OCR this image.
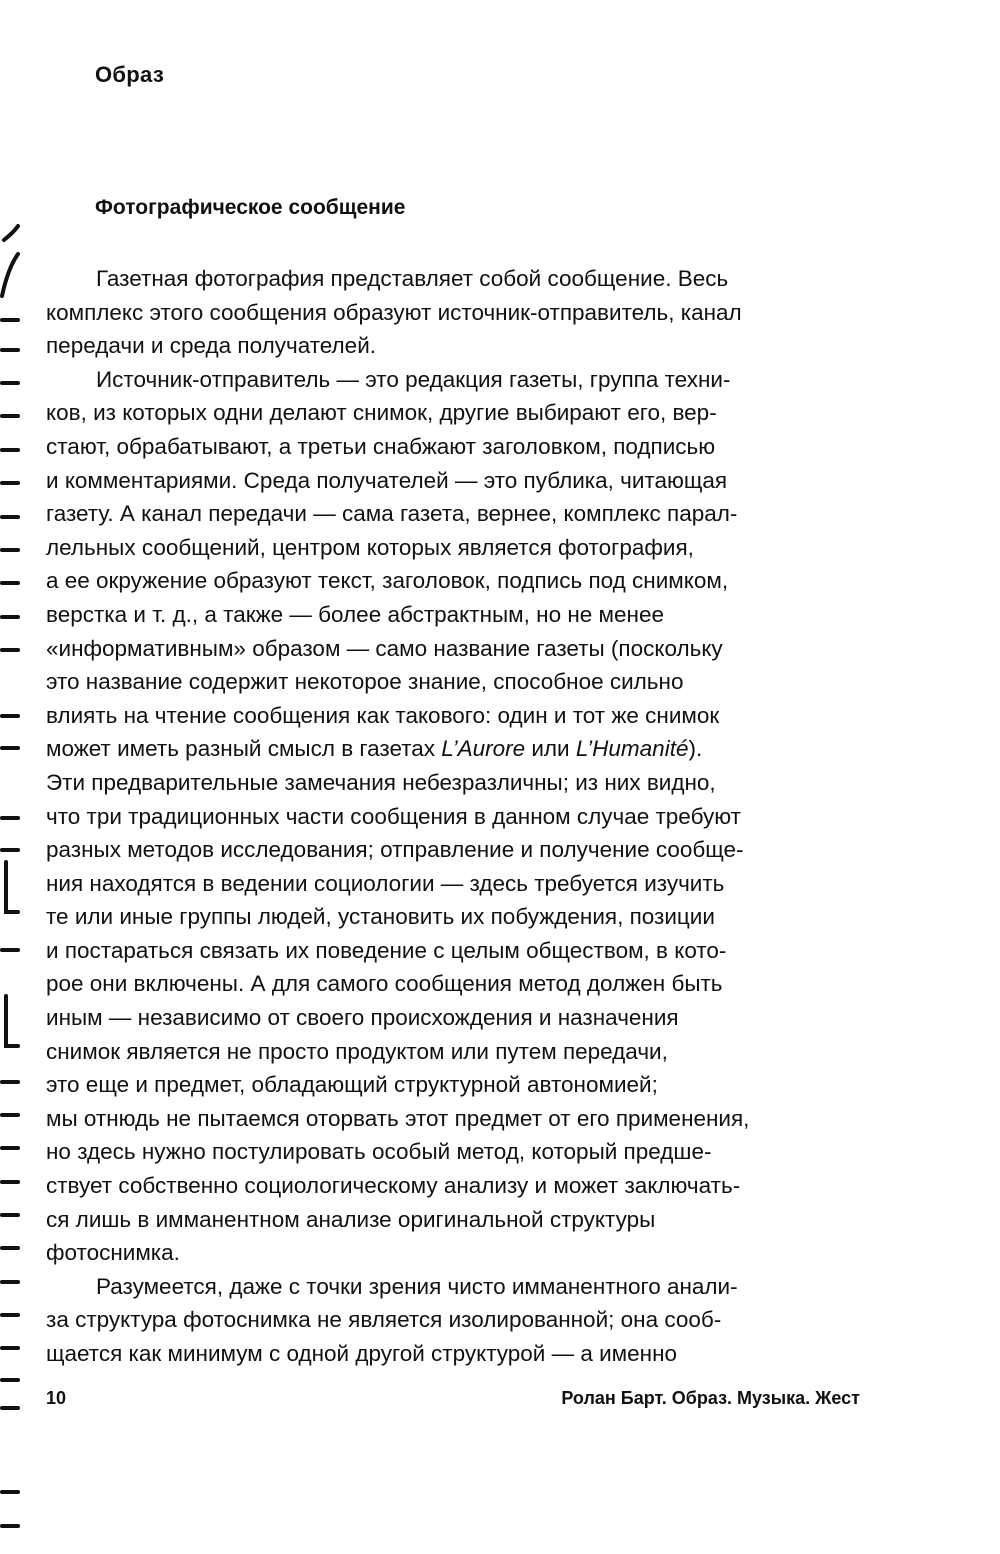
Образ
Фотографическое сообщение
Газетная фотография представляет собой сообщение. Весь
комплекс этого сообщения образуют источник-отправитель, канал
передачи и среда получателей.
Источник-отправитель — это редакция газеты, группа техни-
ков, из которых одни делают снимок, другие выбирают его, вер-
стают, обрабатывают, а третьи снабжают заголовком, подписью
и комментариями. Среда получателей — это публика, читающая
газету. А канал передачи — сама газета, вернее, комплекс парал-
лельных сообщений, центром которых является фотография,
а ее окружение образуют текст, заголовок, подпись под снимком,
верстка и т. д., а также — более абстрактным, но не менее
«информативным» образом — само название газеты (поскольку
это название содержит некоторое знание, способное сильно
влиять на чтение сообщения как такового: один и тот же снимок
может иметь разный смысл в газетах L’Aurore или L’Humanité).
Эти предварительные замечания небезразличны; из них видно,
что три традиционных части сообщения в данном случае требуют
разных методов исследования; отправление и получение сообще-
ния находятся в ведении социологии — здесь требуется изучить
те или иные группы людей, установить их побуждения, позиции
и постараться связать их поведение с целым обществом, в кото-
рое они включены. А для самого сообщения метод должен быть
иным — независимо от своего происхождения и назначения
снимок является не просто продуктом или путем передачи,
это еще и предмет, обладающий структурной автономией;
мы отнюдь не пытаемся оторвать этот предмет от его применения,
но здесь нужно постулировать особый метод, который предше-
ствует собственно социологическому анализу и может заключать-
ся лишь в имманентном анализе оригинальной структуры
фотоснимка.
Разумеется, даже с точки зрения чисто имманентного анали-
за структура фотоснимка не является изолированной; она сооб-
щается как минимум с одной другой структурой — а именно
10	Ролан Барт. Образ. Музыка. Жест
